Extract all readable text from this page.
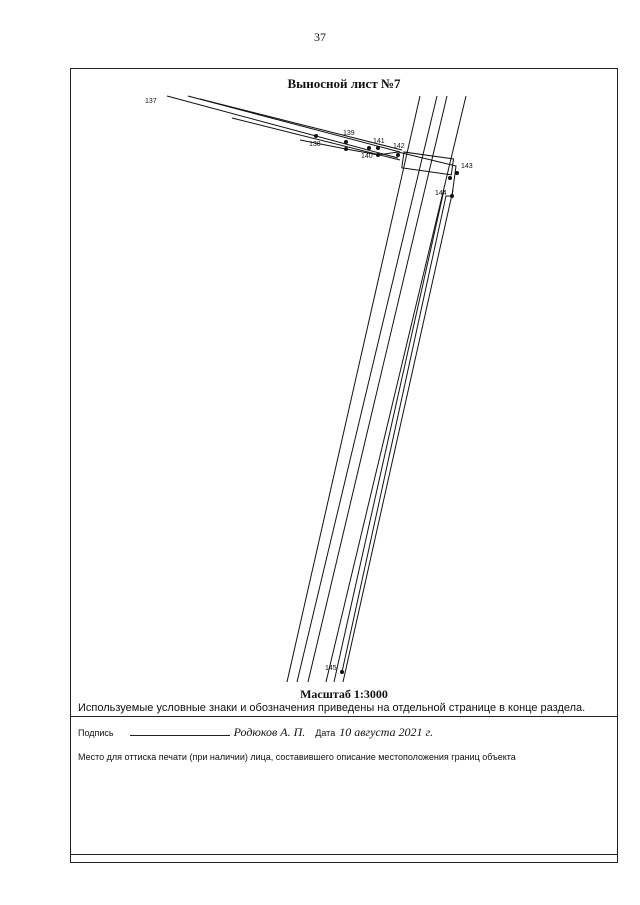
37
Выносной лист №7
137
138
139
140
141
142
143
144
145
Масштаб 1:3000
Используемые условные знаки и обозначения приведены на отдельной странице в конце раздела.
Подпись	Родюков А. П. Дата 10 августа 2021 г.
Место для оттиска печати (при наличии) лица, составившего описание местоположения границ объекта
